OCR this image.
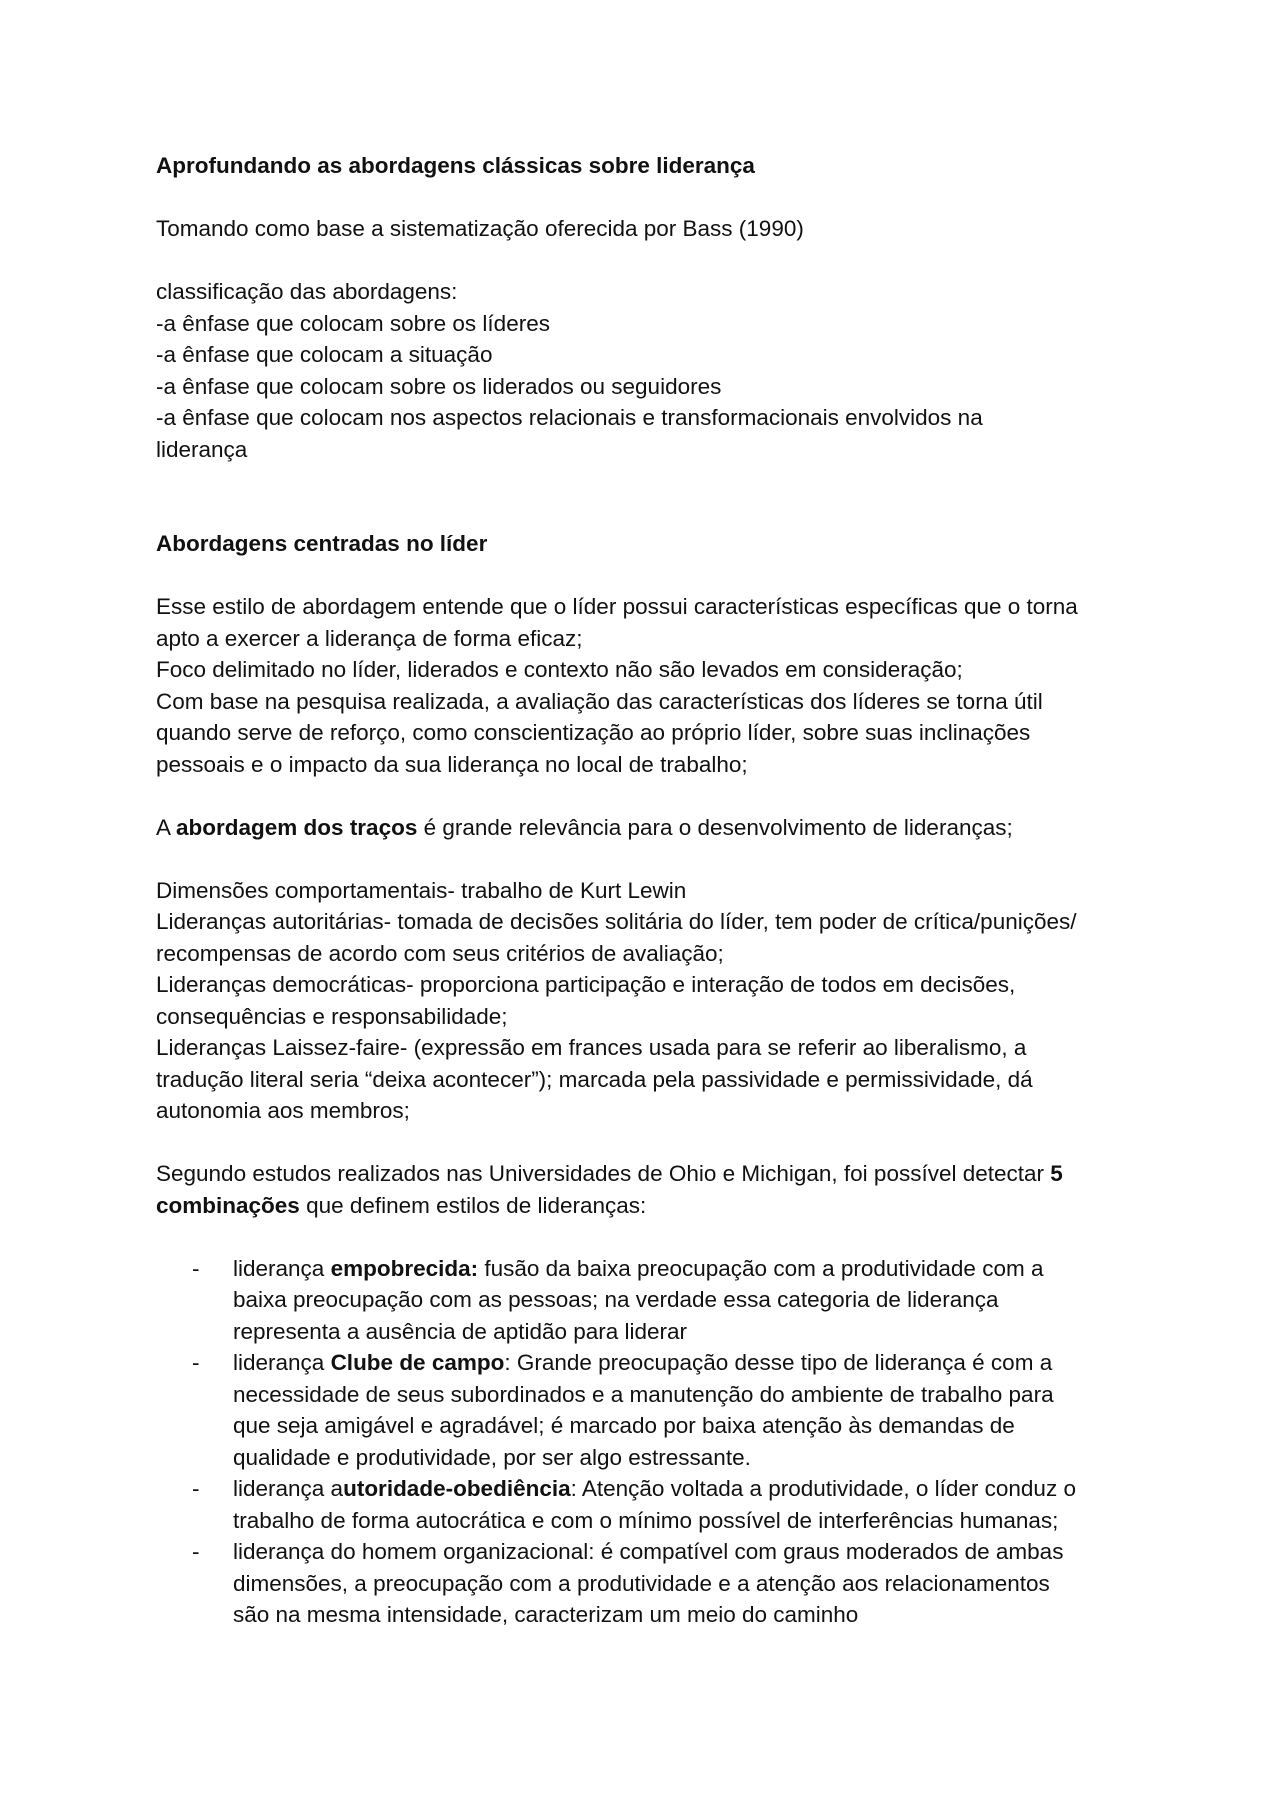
Aprofundando as abordagens clássicas sobre liderança

Tomando como base a sistematização oferecida por Bass (1990)

classificação das abordagens:
-a ênfase que colocam sobre os líderes
-a ênfase que colocam a situação
-a ênfase que colocam sobre os liderados ou seguidores
-a ênfase que colocam nos aspectos relacionais e transformacionais envolvidos na
liderança

Abordagens centradas no líder

Esse estilo de abordagem entende que o líder possui características específicas que o torna
apto a exercer a liderança de forma eficaz;
Foco delimitado no líder, liderados e contexto não são levados em consideração;
Com base na pesquisa realizada, a avaliação das características dos líderes se torna útil
quando serve de reforço, como conscientização ao próprio líder, sobre suas inclinações
pessoais e o impacto da sua liderança no local de trabalho;

A abordagem dos traços é grande relevância para o desenvolvimento de lideranças;

Dimensões comportamentais- trabalho de Kurt Lewin
Lideranças autoritárias- tomada de decisões solitária do líder, tem poder de crítica/punições/
recompensas de acordo com seus critérios de avaliação;
Lideranças democráticas- proporciona participação e interação de todos em decisões,
consequências e responsabilidade;
Lideranças Laissez-faire- (expressão em frances usada para se referir ao liberalismo, a
tradução literal seria “deixa acontecer”); marcada pela passividade e permissividade, dá
autonomia aos membros;
Segundo estudos realizados nas Universidades de Ohio e Michigan, foi possível detectar 5
combinações que definem estilos de lideranças:
- liderança empobrecida: fusão da baixa preocupação com a produtividade com a
baixa preocupação com as pessoas; na verdade essa categoria de liderança
representa a ausência de aptidão para liderar
- liderança Clube de campo: Grande preocupação desse tipo de liderança é com a
necessidade de seus subordinados e a manutenção do ambiente de trabalho para
que seja amigável e agradável; é marcado por baixa atenção às demandas de
qualidade e produtividade, por ser algo estressante.
- liderança autoridade-obediência: Atenção voltada a produtividade, o líder conduz o
trabalho de forma autocrática e com o mínimo possível de interferências humanas;
- liderança do homem organizacional: é compatível com graus moderados de ambas
dimensões, a preocupação com a produtividade e a atenção aos relacionamentos
são na mesma intensidade, caracterizam um meio do caminho
